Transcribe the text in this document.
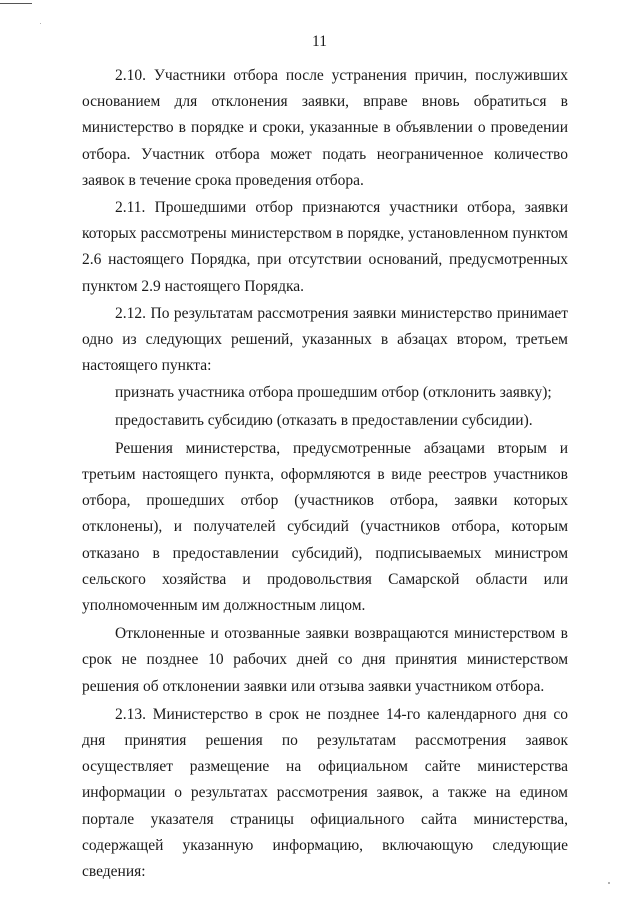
11

2.10. Участники отбора после устранения причин, послуживших основанием для отклонения заявки, вправе вновь обратиться в министерство в порядке и сроки, указанные в объявлении о проведении отбора. Участник отбора может подать неограниченное количество заявок в течение срока проведения отбора.

2.11. Прошедшими отбор признаются участники отбора, заявки которых рассмотрены министерством в порядке, установленном пунктом 2.6 настоящего Порядка, при отсутствии оснований, предусмотренных пунктом 2.9 настоящего Порядка.

2.12. По результатам рассмотрения заявки министерство принимает одно из следующих решений, указанных в абзацах втором, третьем настоящего пункта:

признать участника отбора прошедшим отбор (отклонить заявку);

предоставить субсидию (отказать в предоставлении субсидии).

Решения министерства, предусмотренные абзацами вторым и третьим настоящего пункта, оформляются в виде реестров участников отбора, прошедших отбор (участников отбора, заявки которых отклонены), и получателей субсидий (участников отбора, которым отказано в предоставлении субсидий), подписываемых министром сельского хозяйства и продовольствия Самарской области или уполномоченным им должностным лицом.

Отклоненные и отозванные заявки возвращаются министерством в срок не позднее 10 рабочих дней со дня принятия министерством решения об отклонении заявки или отзыва заявки участником отбора.

2.13. Министерство в срок не позднее 14-го календарного дня со дня принятия решения по результатам рассмотрения заявок осуществляет размещение на официальном сайте министерства информации о результатах рассмотрения заявок, а также на едином портале указателя страницы официального сайта министерства, содержащей указанную информацию, включающую следующие сведения:
